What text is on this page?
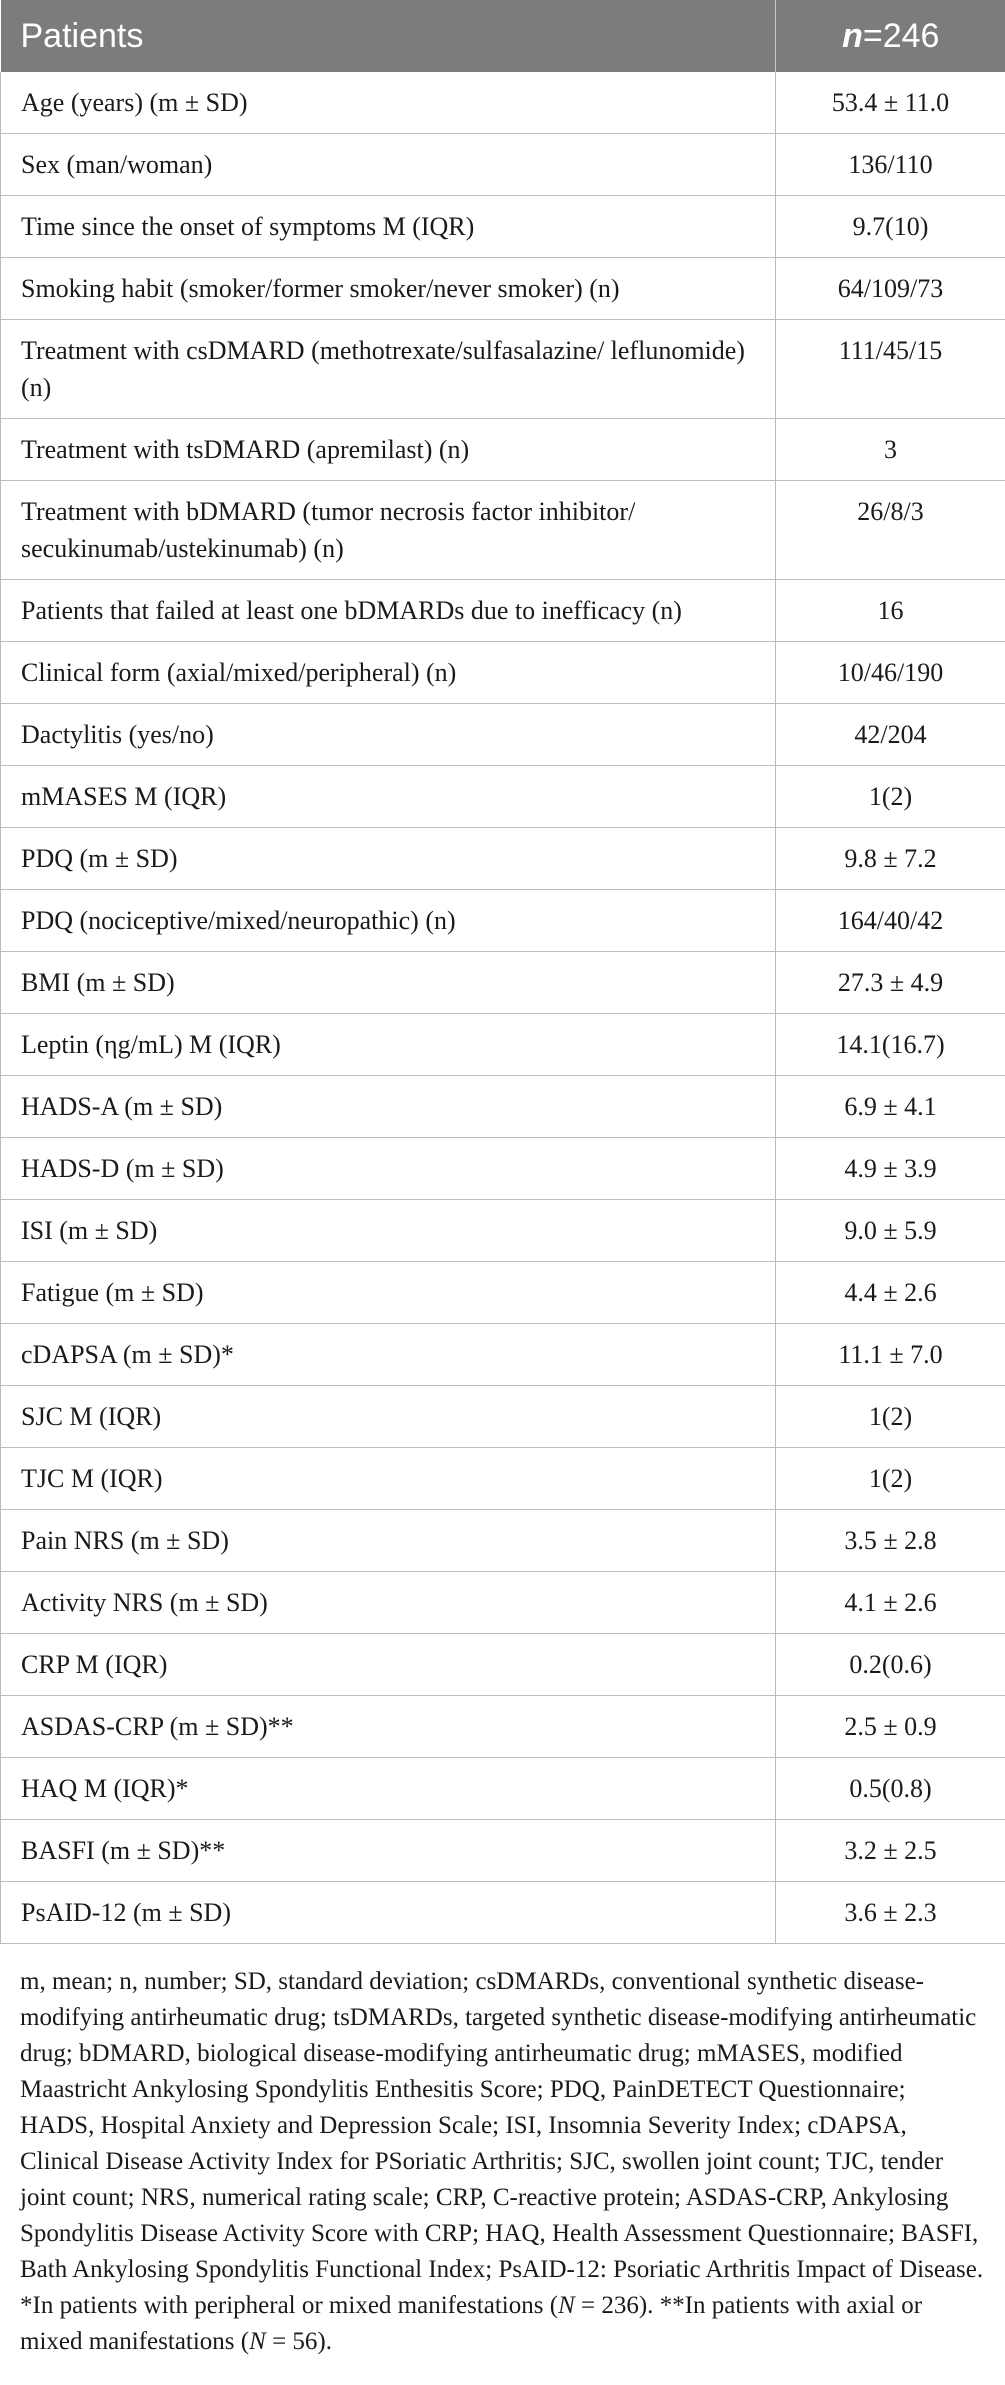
Patients	n=246
Age (years) (m ± SD)	53.4 ± 11.0
Sex (man/woman)	136/110
Time since the onset of symptoms M (IQR)	9.7(10)
Smoking habit (smoker/former smoker/never smoker) (n)	64/109/73
Treatment with csDMARD (methotrexate/sulfasalazine/ leflunomide) (n)	111/45/15
Treatment with tsDMARD (apremilast) (n)	3
Treatment with bDMARD (tumor necrosis factor inhibitor/ secukinumab/ustekinumab) (n)	26/8/3
Patients that failed at least one bDMARDs due to inefficacy (n)	16
Clinical form (axial/mixed/peripheral) (n)	10/46/190
Dactylitis (yes/no)	42/204
mMASES M (IQR)	1(2)
PDQ (m ± SD)	9.8 ± 7.2
PDQ (nociceptive/mixed/neuropathic) (n)	164/40/42
BMI (m ± SD)	27.3 ± 4.9
Leptin (ηg/mL) M (IQR)	14.1(16.7)
HADS-A (m ± SD)	6.9 ± 4.1
HADS-D (m ± SD)	4.9 ± 3.9
ISI (m ± SD)	9.0 ± 5.9
Fatigue (m ± SD)	4.4 ± 2.6
cDAPSA (m ± SD)*	11.1 ± 7.0
SJC M (IQR)	1(2)
TJC M (IQR)	1(2)
Pain NRS (m ± SD)	3.5 ± 2.8
Activity NRS (m ± SD)	4.1 ± 2.6
CRP M (IQR)	0.2(0.6)
ASDAS-CRP (m ± SD)**	2.5 ± 0.9
HAQ M (IQR)*	0.5(0.8)
BASFI (m ± SD)**	3.2 ± 2.5
PsAID-12 (m ± SD)	3.6 ± 2.3
m, mean; n, number; SD, standard deviation; csDMARDs, conventional synthetic disease-modifying antirheumatic drug; tsDMARDs, targeted synthetic disease-modifying antirheumatic drug; bDMARD, biological disease-modifying antirheumatic drug; mMASES, modified Maastricht Ankylosing Spondylitis Enthesitis Score; PDQ, PainDETECT Questionnaire; HADS, Hospital Anxiety and Depression Scale; ISI, Insomnia Severity Index; cDAPSA, Clinical Disease Activity Index for PSoriatic Arthritis; SJC, swollen joint count; TJC, tender joint count; NRS, numerical rating scale; CRP, C-reactive protein; ASDAS-CRP, Ankylosing Spondylitis Disease Activity Score with CRP; HAQ, Health Assessment Questionnaire; BASFI, Bath Ankylosing Spondylitis Functional Index; PsAID-12: Psoriatic Arthritis Impact of Disease. *In patients with peripheral or mixed manifestations (N = 236). **In patients with axial or mixed manifestations (N = 56).
